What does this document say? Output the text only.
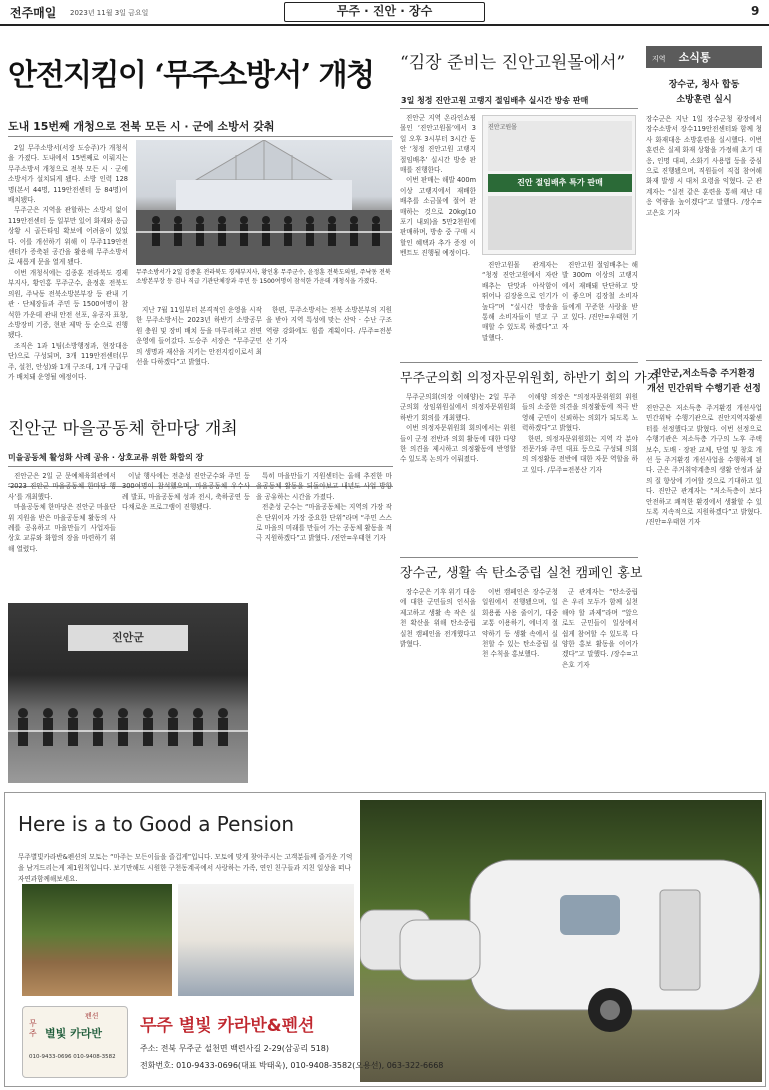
전주매일 2023년 11월 3일 금요일	무주 · 진안 · 장수	9
안전지킴이 ‘무주소방서’ 개청
도내 15번째 개청으로 전북 모든 시 · 군에 소방서 갖춰

2일 무주소방서(서장 도승주)가 개청식을 가졌다. 도내에서 15번째로 이뤄지는 무주소방서 개청으로 전북 모든 시 · 군에 소방서가 설치되게 됐다. 소방 인력 128명(본서 44명, 119안전센터 등 84명)이 배치됐다.

무주군은 지역을 관할하는 소방서 없이 119안전센터 등 일부만 있어 화재와 응급상황 시 골든타임 확보에 어려움이 있었다. 이를 개선하기 위해 이 무주119안전센터가 증축된 공간을 활용해 무주소방서로 새롭게 문을 열게 됐다.

이번 개청식에는 김종훈 전라북도 경제부지사, 황인홍 무주군수, 윤정훈 전북도의원, 주낙동 전북소방본부장 등 관내 기관 · 단체장들과 주민 등 1500여명이 참석한 가운데 관내 안전 선포, 유공자 표창, 소방장비 기증, 현판 제막 등 순으로 진행됐다.

조직은 1과 1팀(소방행정과, 현장대응단)으로 구성되며, 3개 119안전센터(무주, 설천, 안성)와 1개 구조대, 1개 구급대가 배치돼 운영될 예정이다.

무주소방서가 2일 김종훈 전라북도 경제부지사, 황인홍 무주군수, 윤정훈 전북도의원, 주낙동 전북소방본부장 등 검나 직급 기관단체장과 주민 등 1500여명이 참석한 가운데 개청식을 가졌다.

지난 7월 11일부터 본격적인 운영을 시작한 무주소방서는 2023년 하반기 소방공무원 충원 및 장비 배치 등을 마무리하고 전면 운영에 들어갔다. 도승주 서장은 “무주군민의 생명과 재산을 지키는 안전지킴이로서 최선을 다하겠다”고 밝혔다.

한편, 무주소방서는 전북 소방본부의 지원을 받아 지역 특성에 맞는 산악 · 수난 구조 역량 강화에도 힘쓸 계획이다. /무주=전봉산 기자

“김장 준비는 진안고원몰에서”
3일 청정 진안고원 고랭지 절임배추 실시간 방송 판매

진안군 지역 온라인쇼핑몰인 ‘진안고원몰’에서 3일 오후 3시부터 3시간 동안 ‘청정 진안고원 고랭지 절임배추’ 실시간 방송 판매를 진행한다.

이번 판매는 해발 400m 이상 고랭지에서 재배한 배추를 소금물에 절여 판매하는 것으로 20kg(10포기 내외)을 5만2천원에 판매하며, 방송 중 구매 시 할인 혜택과 추가 증정 이벤트도 진행될 예정이다.

진안 절임배추 특가 판매
진안고원몰

진안고원몰 관계자는 “청정 진안고원에서 자란 배추는 단맛과 아삭함이 뛰어나 김장용으로 인기가 높다”며 “실시간 방송을 통해 소비자들이 믿고 구매할 수 있도록 하겠다”고 말했다.

진안고원 절임배추는 해발 300m 이상의 고랭지에서 재배돼 단단하고 맛이 좋으며 김장철 소비자들에게 꾸준한 사랑을 받고 있다. /진안=우태현 기자

무주군의회 의정자문위원회, 하반기 회의 가져

무주군의회(의장 이해양)는 2일 무주군의회 상임위원실에서 의정자문위원회 하반기 회의를 개최했다.

이번 의정자문위원회 회의에서는 위원들이 군정 전반과 의회 활동에 대한 다양한 의견을 제시하고 의정활동에 반영할 수 있도록 논의가 이뤄졌다.

이해양 의장은 “의정자문위원회 위원들의 소중한 의견을 의정활동에 적극 반영해 군민이 신뢰하는 의회가 되도록 노력하겠다”고 밝혔다.

한편, 의정자문위원회는 지역 각 분야 전문가와 주민 대표 등으로 구성돼 의회의 의정활동 전반에 대한 자문 역할을 하고 있다. /무주=전봉산 기자

장수군, 생활 속 탄소중립 실천 캠페인 홍보

장수군은 기후 위기 대응에 대한 군민들의 인식을 제고하고 생활 속 작은 실천 확산을 위해 탄소중립 실천 캠페인을 전개했다고 밝혔다.

이번 캠페인은 장수군청 일원에서 진행됐으며, 일회용품 사용 줄이기, 대중교통 이용하기, 에너지 절약하기 등 생활 속에서 실천할 수 있는 탄소중립 실천 수칙을 홍보했다.

군 관계자는 “탄소중립은 우리 모두가 함께 실천해야 할 과제”라며 “앞으로도 군민들이 일상에서 쉽게 참여할 수 있도록 다양한 홍보 활동을 이어가겠다”고 말했다. /장수=고은호 기자

진안군 마을공동체 한마당 개최
미을공동체 활성화 사례 공유 · 상호교류 위한 화합의 장

진안군은 2일 군 문예체육회관에서 ‘2023 진안군 마을공동체 한마당 행사’를 개최했다.

마을공동체 한마당은 진안군 마을단위 지원을 받은 마을공동체 활동의 사례를 공유하고 마을만들기 사업자들 상호 교류와 화합의 장을 마련하기 위해 열렸다.

이날 행사에는 전춘성 진안군수와 주민 등 300여명이 참석했으며, 마을공동체 우수사례 발표, 마을공동체 성과 전시, 축하공연 등 다채로운 프로그램이 진행됐다.

특히 마을만들기 지원센터는 올해 추진한 마을공동체 활동을 되돌아보고 내년도 사업 방향을 공유하는 시간을 가졌다.

전춘성 군수는 “마을공동체는 지역의 가장 작은 단위이자 가장 중요한 단위”라며 “주민 스스로 마을의 미래를 만들어 가는 공동체 활동을 적극 지원하겠다”고 밝혔다. /진안=우태현 기자

진안군
지역 소식통
장수군, 청사 합동
소방훈련 실시
장수군은 지난 1일 장수군청 광장에서 장수소방서 장수119안전센터와 함께 청사 화재대응 소방훈련을 실시했다. 이번 훈련은 실제 화재 상황을 가정해 초기 대응, 인명 대피, 소화기 사용법 등을 중심으로 진행됐으며, 직원들이 직접 참여해 화재 발생 시 대처 요령을 익혔다. 군 관계자는 “실전 같은 훈련을 통해 재난 대응 역량을 높이겠다”고 말했다. /장수=고은호 기자
진안군,저소득층 주거환경
개선 민간위탁 수행기관 선정
진안군은 저소득층 주거환경 개선사업 민간위탁 수행기관으로 진안지역자활센터를 선정했다고 밝혔다. 이번 선정으로 수행기관은 저소득층 가구의 노후 주택 보수, 도배 · 장판 교체, 단열 및 창호 개선 등 주거환경 개선사업을 수행하게 된다. 군은 주거취약계층의 생활 안정과 삶의 질 향상에 기여할 것으로 기대하고 있다. 진안군 관계자는 “저소득층이 보다 안전하고 쾌적한 환경에서 생활할 수 있도록 지속적으로 지원하겠다”고 밝혔다. /진안=우태현 기자
Here is a to Good a Pension
무주별빛카라반&펜션의 모토는 “마주는 모든이들을 즐겁게”입니다. 모토에 맞게 찾아주시는 고객분들께 즐거운 기억을 남겨드리는게 제1원칙입니다. 보기만해도 시원한 구천동계곡에서 사랑하는 가족, 연인 친구들과 지친 일상을 떠나 자연과함께해보세요.
무주
펜션
별빛 카라반
010-9433-0696 010-9408-3582
무주 별빛 카라반&펜션
주소: 전북 무주군 설천면 백련사길 2-29(삼공리 518)
전화번호: 010-9433-0696(대표 박태욱), 010-9408-3582(오용선), 063-322-6668
